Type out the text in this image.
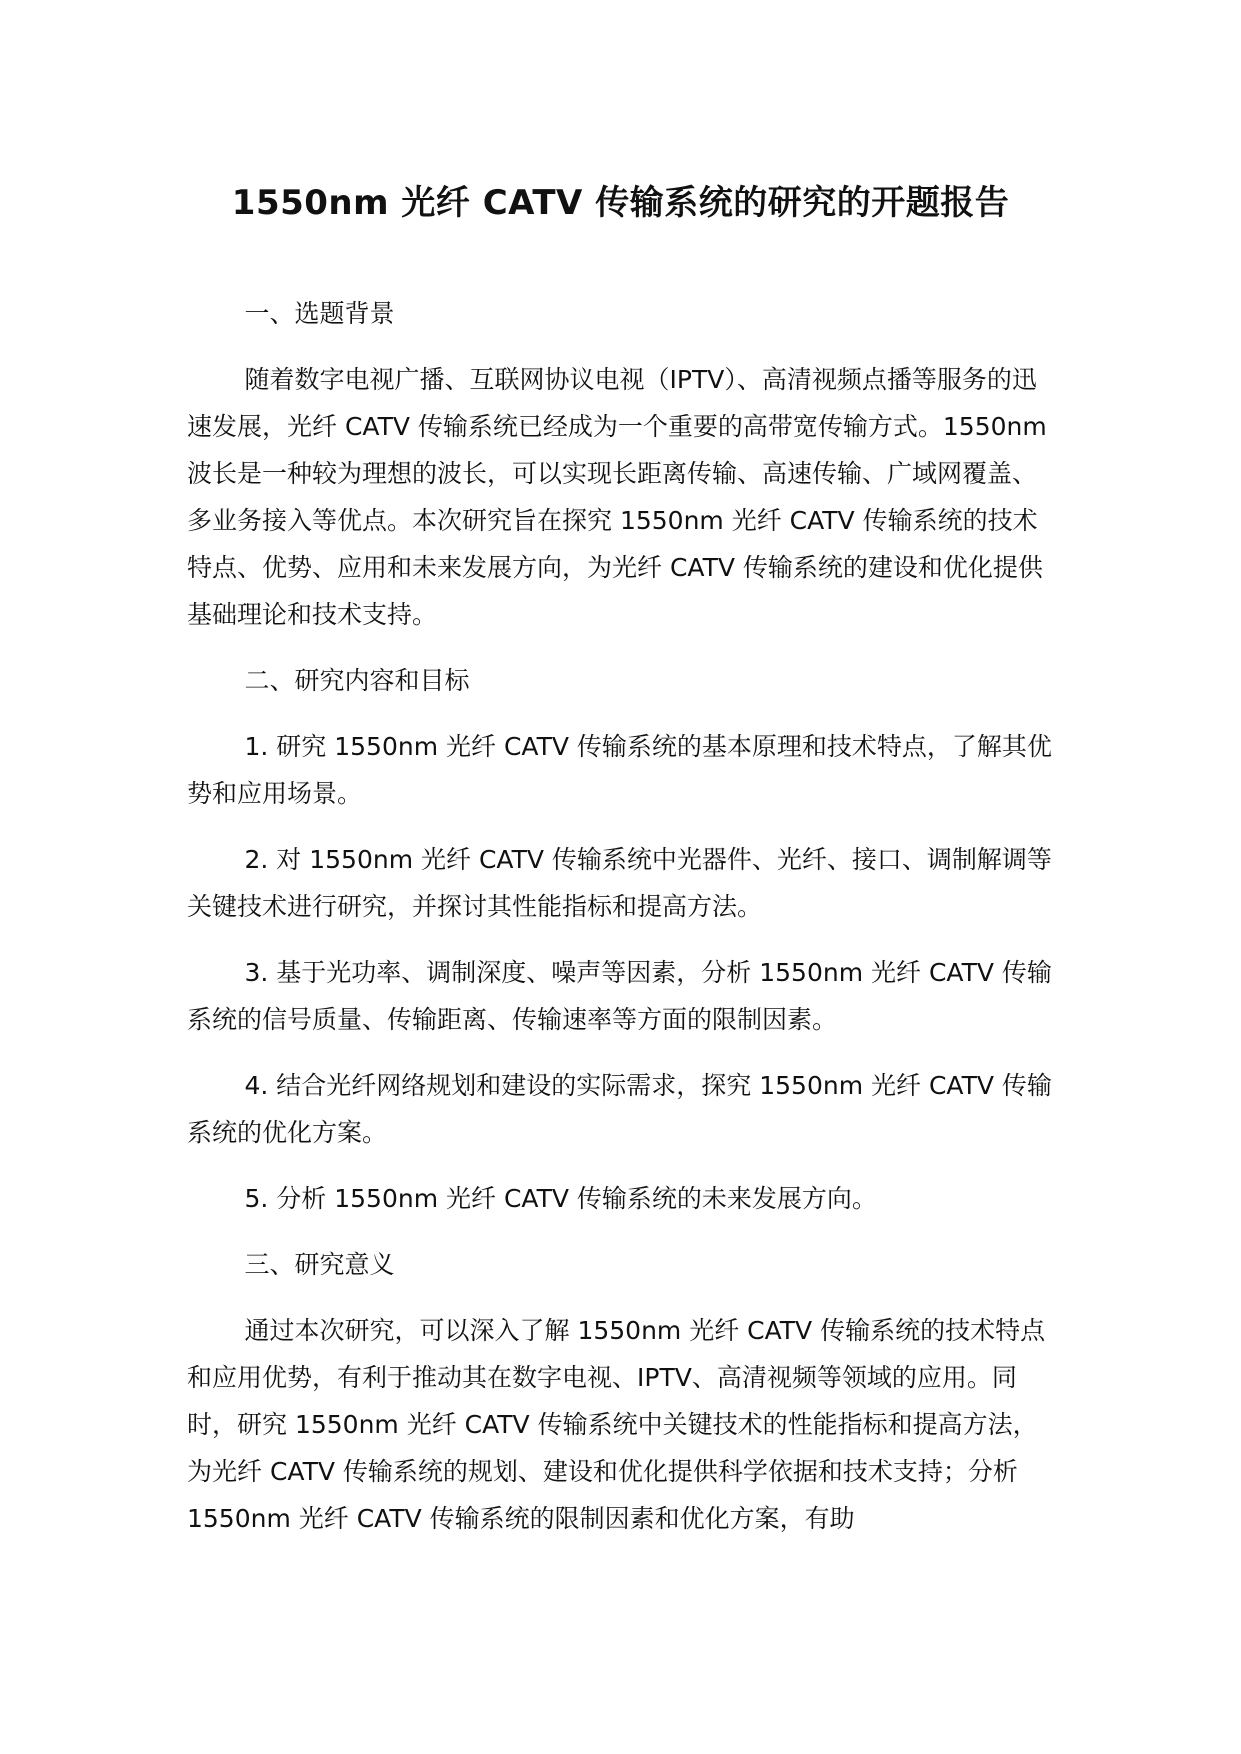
1550nm 光纤 CATV 传输系统的研究的开题报告

一、选题背景

随着数字电视广播、互联网协议电视（IPTV）、高清视频点播等服务的迅速发展，光纤 CATV 传输系统已经成为一个重要的高带宽传输方式。1550nm 波长是一种较为理想的波长，可以实现长距离传输、高速传输、广域网覆盖、多业务接入等优点。本次研究旨在探究 1550nm 光纤 CATV 传输系统的技术特点、优势、应用和未来发展方向，为光纤 CATV 传输系统的建设和优化提供基础理论和技术支持。

二、研究内容和目标

1. 研究 1550nm 光纤 CATV 传输系统的基本原理和技术特点，了解其优势和应用场景。

2. 对 1550nm 光纤 CATV 传输系统中光器件、光纤、接口、调制解调等关键技术进行研究，并探讨其性能指标和提高方法。

3. 基于光功率、调制深度、噪声等因素，分析 1550nm 光纤 CATV 传输系统的信号质量、传输距离、传输速率等方面的限制因素。

4. 结合光纤网络规划和建设的实际需求，探究 1550nm 光纤 CATV 传输系统的优化方案。

5. 分析 1550nm 光纤 CATV 传输系统的未来发展方向。

三、研究意义

通过本次研究，可以深入了解 1550nm 光纤 CATV 传输系统的技术特点和应用优势，有利于推动其在数字电视、IPTV、高清视频等领域的应用。同时，研究 1550nm 光纤 CATV 传输系统中关键技术的性能指标和提高方法，为光纤 CATV 传输系统的规划、建设和优化提供科学依据和技术支持；分析 1550nm 光纤 CATV 传输系统的限制因素和优化方案，有助
